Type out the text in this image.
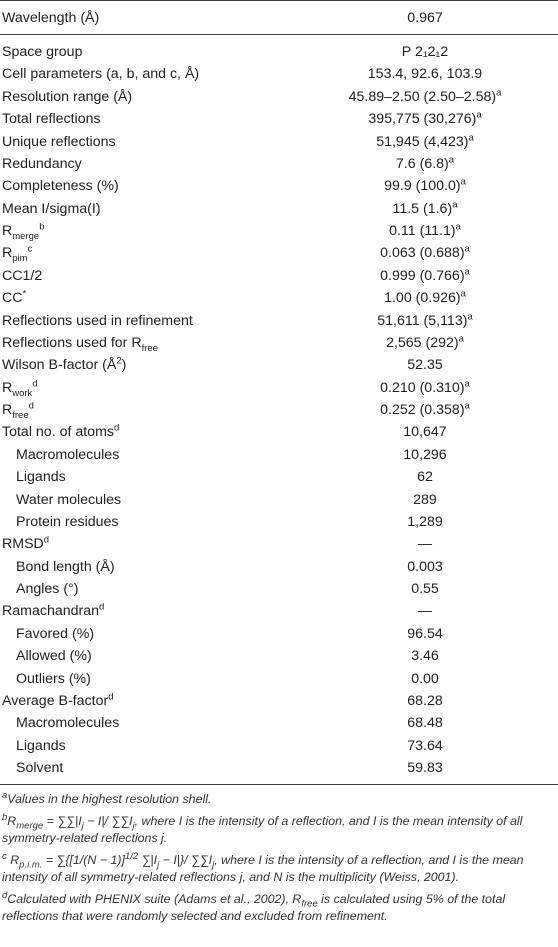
Wavelength (Å)	0.967
Space group	P 2₁2₁2
Cell parameters (a, b, and c, Å)	153.4, 92.6, 103.9
Resolution range (Å)	45.89–2.50 $(2.50-2.58)^a$
Total reflections	395,775 $(30,276)^a$
Unique reflections	51,945 $(4,423)^a$
Redundancy	7.6 $(6.8)^a$
Completeness (%)	99.9 $(100.0)^a$
Mean I/sigma(I)	11.5 $(1.6)^a$
$R_{merge}^b$	0.11 $(11.1)^a$
$R_{pim}^c$	0.063 $(0.688)^a$
CC1/2	0.999 $(0.766)^a$
CC*	1.00 $(0.926)^a$
Reflections used in refinement	51,611 $(5,113)^a$
Reflections used for $R_{free}$	2,565 $(292)^a$
Wilson B-factor $(Å^2)$	52.35
$R_{work}^d$	0.210 $(0.310)^a$
$R_{free}^d$	0.252 $(0.358)^a$
Total no. of atoms$^d$	10,647
Macromolecules	10,296
Ligands	62
Water molecules	289
Protein residues	1,289
RMSD$^d$	—
Bond length (Å)	0.003
Angles (°)	0.55
Ramachandran$^d$	—
Favored (%)	96.54
Allowed (%)	3.46
Outliers (%)	0.00
Average B-factor$^d$	68.28
Macromolecules	68.48
Ligands	73.64
Solvent	59.83

$^a$Values in the highest resolution shell.

$^bR_{merge} = \sum\sum|I_j - I|/$ $\sum\sum I_j$, where I is the intensity of a reflection, and I is the mean intensity of all symmetry-related reflections j.

$^c$ $R_{p.i.m.} = \sum\{[1/(N - 1)]^{1/2}$ $\sum|I_j - I|\}/$ $\sum\sum I_j$, where I is the intensity of a reflection, and I is the mean intensity of all symmetry-related reflections j, and N is the multiplicity (Weiss, 2001).

$^d$Calculated with PHENIX suite (Adams et al., 2002), $R_{free}$ is calculated using 5% of the total reflections that were randomly selected and excluded from refinement.
